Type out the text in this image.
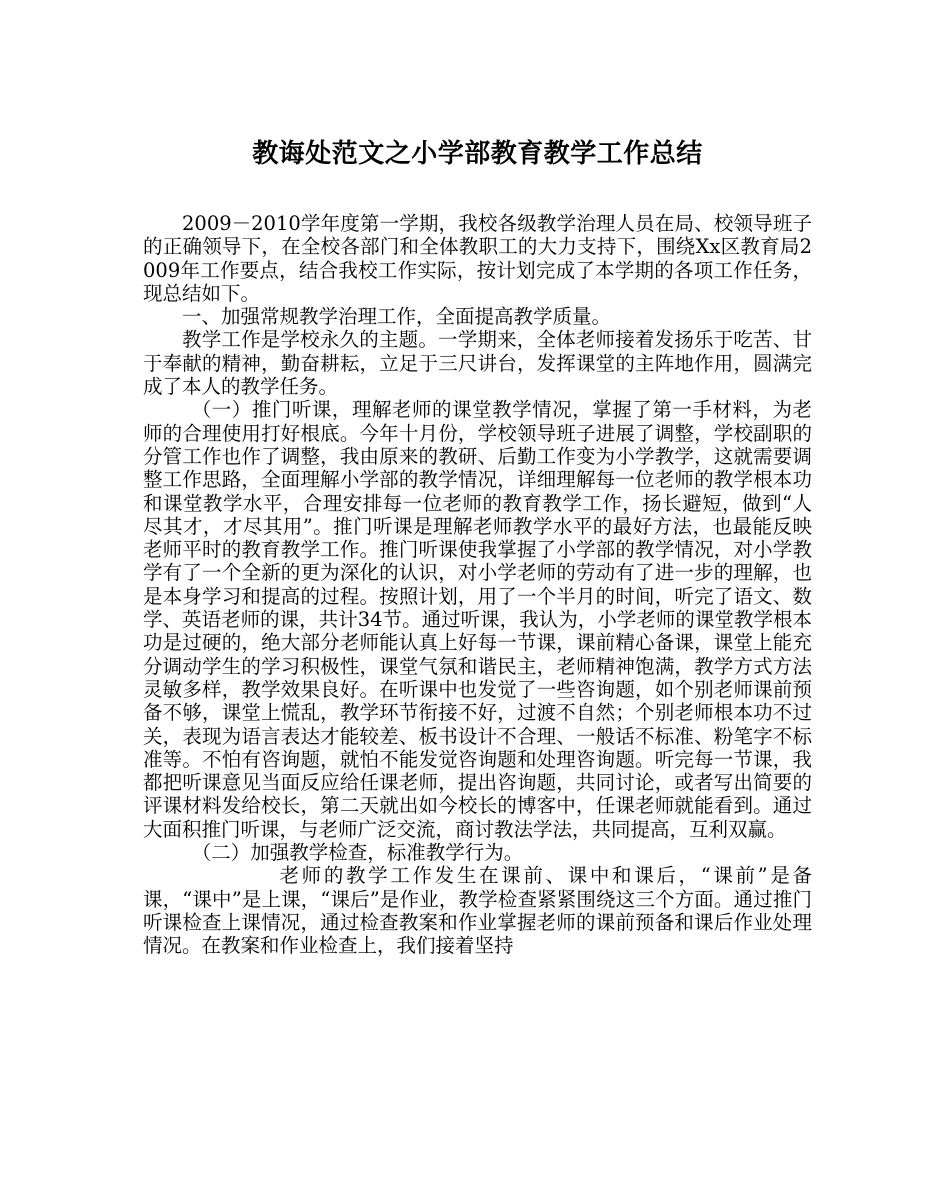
教诲处范文之小学部教育教学工作总结

2009－2010学年度第一学期，我校各级教学治理人员在局、校领导班子的正确领导下，在全校各部门和全体教职工的大力支持下，围绕Xx区教育局2009年工作要点，结合我校工作实际，按计划完成了本学期的各项工作任务，现总结如下。

一、加强常规教学治理工作，全面提高教学质量。

教学工作是学校永久的主题。一学期来，全体老师接着发扬乐于吃苦、甘于奉献的精神，勤奋耕耘，立足于三尺讲台，发挥课堂的主阵地作用，圆满完成了本人的教学任务。

（一）推门听课，理解老师的课堂教学情况，掌握了第一手材料，为老师的合理使用打好根底。今年十月份，学校领导班子进展了调整，学校副职的分管工作也作了调整，我由原来的教研、后勤工作变为小学教学，这就需要调整工作思路，全面理解小学部的教学情况，详细理解每一位老师的教学根本功和课堂教学水平，合理安排每一位老师的教育教学工作，扬长避短，做到“人尽其才，才尽其用”。推门听课是理解老师教学水平的最好方法，也最能反映老师平时的教育教学工作。推门听课使我掌握了小学部的教学情况，对小学教学有了一个全新的更为深化的认识，对小学老师的劳动有了进一步的理解，也是本身学习和提高的过程。按照计划，用了一个半月的时间，听完了语文、数学、英语老师的课，共计34节。通过听课，我认为，小学老师的课堂教学根本功是过硬的，绝大部分老师能认真上好每一节课，课前精心备课，课堂上能充分调动学生的学习积极性，课堂气氛和谐民主，老师精神饱满，教学方式方法灵敏多样，教学效果良好。在听课中也发觉了一些咨询题，如个别老师课前预备不够，课堂上慌乱，教学环节衔接不好，过渡不自然；个别老师根本功不过关，表现为语言表达才能较差、板书设计不合理、一般话不标准、粉笔字不标准等。不怕有咨询题，就怕不能发觉咨询题和处理咨询题。听完每一节课，我都把听课意见当面反应给任课老师，提出咨询题，共同讨论，或者写出简要的评课材料发给校长，第二天就出如今校长的博客中，任课老师就能看到。通过大面积推门听课，与老师广泛交流，商讨教法学法，共同提高，互利双赢。

（二）加强教学检查，标准教学行为。

老师的教学工作发生在课前、课中和课后，“课前”是备课，“课中”是上课，“课后”是作业，教学检查紧紧围绕这三个方面。通过推门听课检查上课情况，通过检查教案和作业掌握老师的课前预备和课后作业处理情况。在教案和作业检查上，我们接着坚持
